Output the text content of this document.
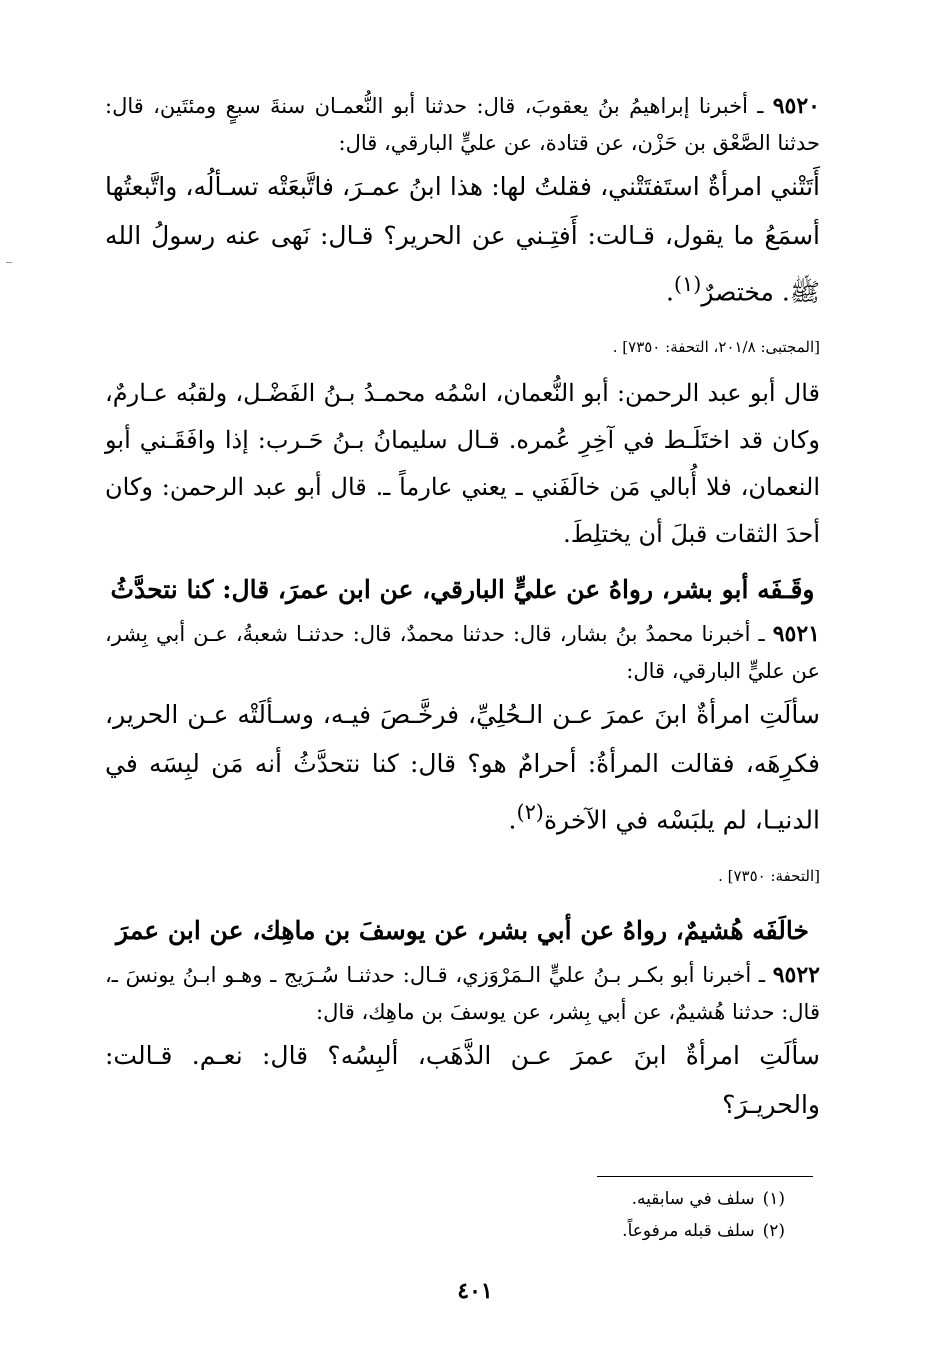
٩٥٢٠ ـ أخبرنا إبراهيمُ بنُ يعقوبَ، قال: حدثنا أبو النُّعمـان سنةَ سبعٍ ومئتَين، قال: حدثنا الصَّعْق بن حَزْن، عن قتادة، عن عليٍّ البارقي، قال:

أَتَتْني امرأةٌ استَفتَتْني، فقلتُ لها: هذا ابنُ عمـرَ، فاتَّبعَتْه تسـألُه، واتَّبعتُها أسمَعُ ما يقول، قـالت: أَفتِـني عن الحرير؟ قـال: نَهى عنه رسولُ الله ﷺ. مختصرٌ$^{(١)}$.

[المجتبى: ٢٠١/٨، التحفة: ٧٣٥٠] .

قال أبو عبد الرحمن: أبو النُّعمان، اسْمُه محمـدُ بـنُ الفَضْـل، ولقبُه عـارمٌ، وكان قد اختَلَـط في آخِرِ عُمره. قـال سليمانُ بـنُ حَـرب: إذا وافَقَـني أبو النعمان، فلا أُبالي مَن خالَفَني ـ يعني عارماً ـ. قال أبو عبد الرحمن: وكان أحدَ الثقات قبلَ أن يختلِطَ.

وقَـفَه أبو بشر، رواهُ عن عليٍّ البارقي، عن ابن عمرَ، قال: كنا نتحدَّثُ

٩٥٢١ ـ أخبرنا محمدُ بنُ بشار، قال: حدثنا محمدٌ، قال: حدثنـا شعبةُ، عـن أبي بِشر، عن عليٍّ البارقي، قال:

سألَتِ امرأةٌ ابنَ عمرَ عـن الـحُلِيِّ، فرخَّـصَ فيـه، وسـألَتْه عـن الحرير، فكرِهَه، فقالت المرأةُ: أحرامٌ هو؟ قال: كنا نتحدَّثُ أنه مَن لبِسَه في الدنيـا، لم يلبَسْه في الآخرة$^{(٢)}$.

[التحفة: ٧٣٥٠] .

خالَفَه هُشيمٌ، رواهُ عن أبي بشر، عن يوسفَ بن ماهِك، عن ابن عمرَ

٩٥٢٢ ـ أخبرنا أبو بكـر بـنُ عليٍّ الـمَرْوَزي، قـال: حدثنـا سُـرَيج ـ وهـو ابـنُ يونسَ ـ، قال: حدثنا هُشيمٌ، عن أبي بِشر، عن يوسفَ بن ماهِك، قال:

سألَتِ امرأةٌ ابنَ عمرَ عـن الذَّهَب، ألبِسُه؟ قال: نعـم. قـالت: والحريـرَ؟

(١)سلف في سابقيه.
(٢)سلف قبله مرفوعاً.
٤٠١
